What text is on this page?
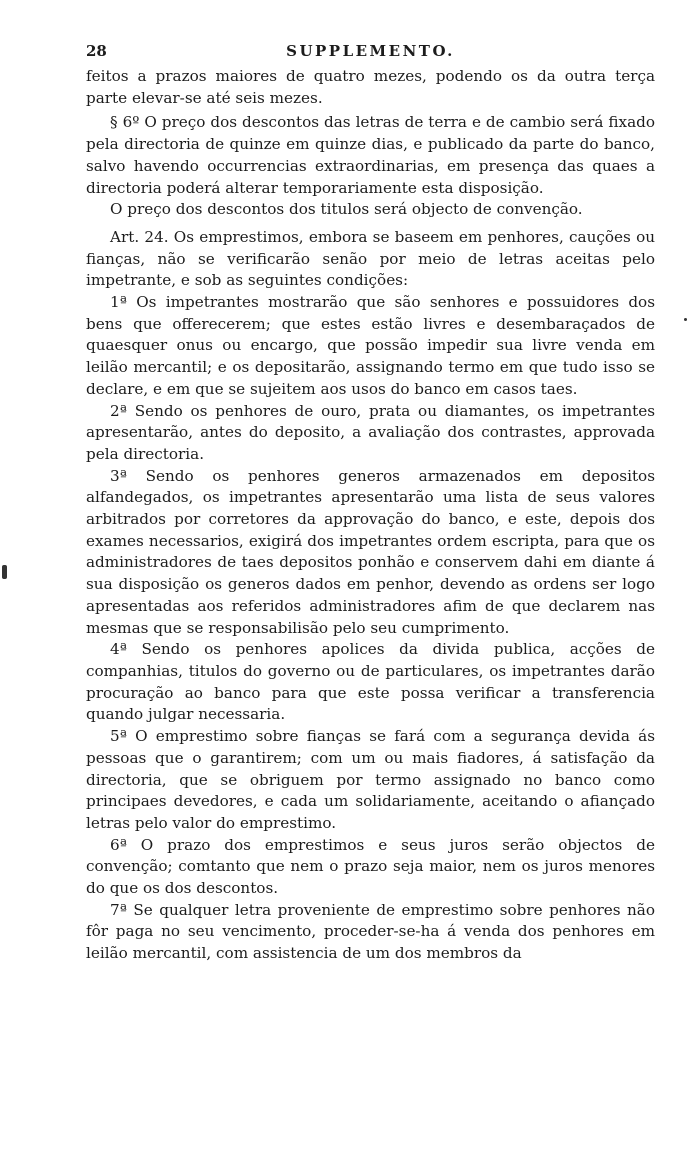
28	SUPPLEMENTO.

feitos a prazos maiores de quatro mezes, podendo os da outra terça parte elevar-se até seis mezes.

§ 6º O preço dos descontos das letras de terra e de cambio será fixado pela directoria de quinze em quinze dias, e publicado da parte do banco, salvo havendo occurrencias extraordinarias, em presença das quaes a directoria poderá alterar temporariamente esta disposição.

O preço dos descontos dos titulos será objecto de convenção.

Art. 24. Os emprestimos, embora se baseem em penhores, cauções ou fianças, não se verificarão senão por meio de letras aceitas pelo impetrante, e sob as seguintes condições:

1ª Os impetrantes mostrarão que são senhores e possuidores dos bens que offerecerem; que estes estão livres e desembaraçados de quaesquer onus ou encargo, que possão impedir sua livre venda em leilão mercantil; e os depositarão, assignando termo em que tudo isso se declare, e em que se sujeitem aos usos do banco em casos taes.

2ª Sendo os penhores de ouro, prata ou diamantes, os impetrantes apresentarão, antes do deposito, a avaliação dos contrastes, approvada pela directoria.

3ª Sendo os penhores generos armazenados em depositos alfandegados, os impetrantes apresentarão uma lista de seus valores arbitrados por corretores da approvação do banco, e este, depois dos exames necessarios, exigirá dos impetrantes ordem escripta, para que os administradores de taes depositos ponhão e conservem dahi em diante á sua disposição os generos dados em penhor, devendo as ordens ser logo apresentadas aos referidos administradores afim de que declarem nas mesmas que se responsabilisão pelo seu cumprimento.

4ª Sendo os penhores apolices da divida publica, acções de companhias, titulos do governo ou de particulares, os impetrantes darão procuração ao banco para que este possa verificar a transferencia quando julgar necessaria.

5ª O emprestimo sobre fianças se fará com a segurança devida ás pessoas que o garantirem; com um ou mais fiadores, á satisfação da directoria, que se obriguem por termo assignado no banco como principaes devedores, e cada um solidariamente, aceitando o afiançado letras pelo valor do emprestimo.

6ª O prazo dos emprestimos e seus juros serão objectos de convenção; comtanto que nem o prazo seja maior, nem os juros menores do que os dos descontos.

7ª Se qualquer letra proveniente de emprestimo sobre penhores não fôr paga no seu vencimento, proceder-se-ha á venda dos penhores em leilão mercantil, com assistencia de um dos membros da
